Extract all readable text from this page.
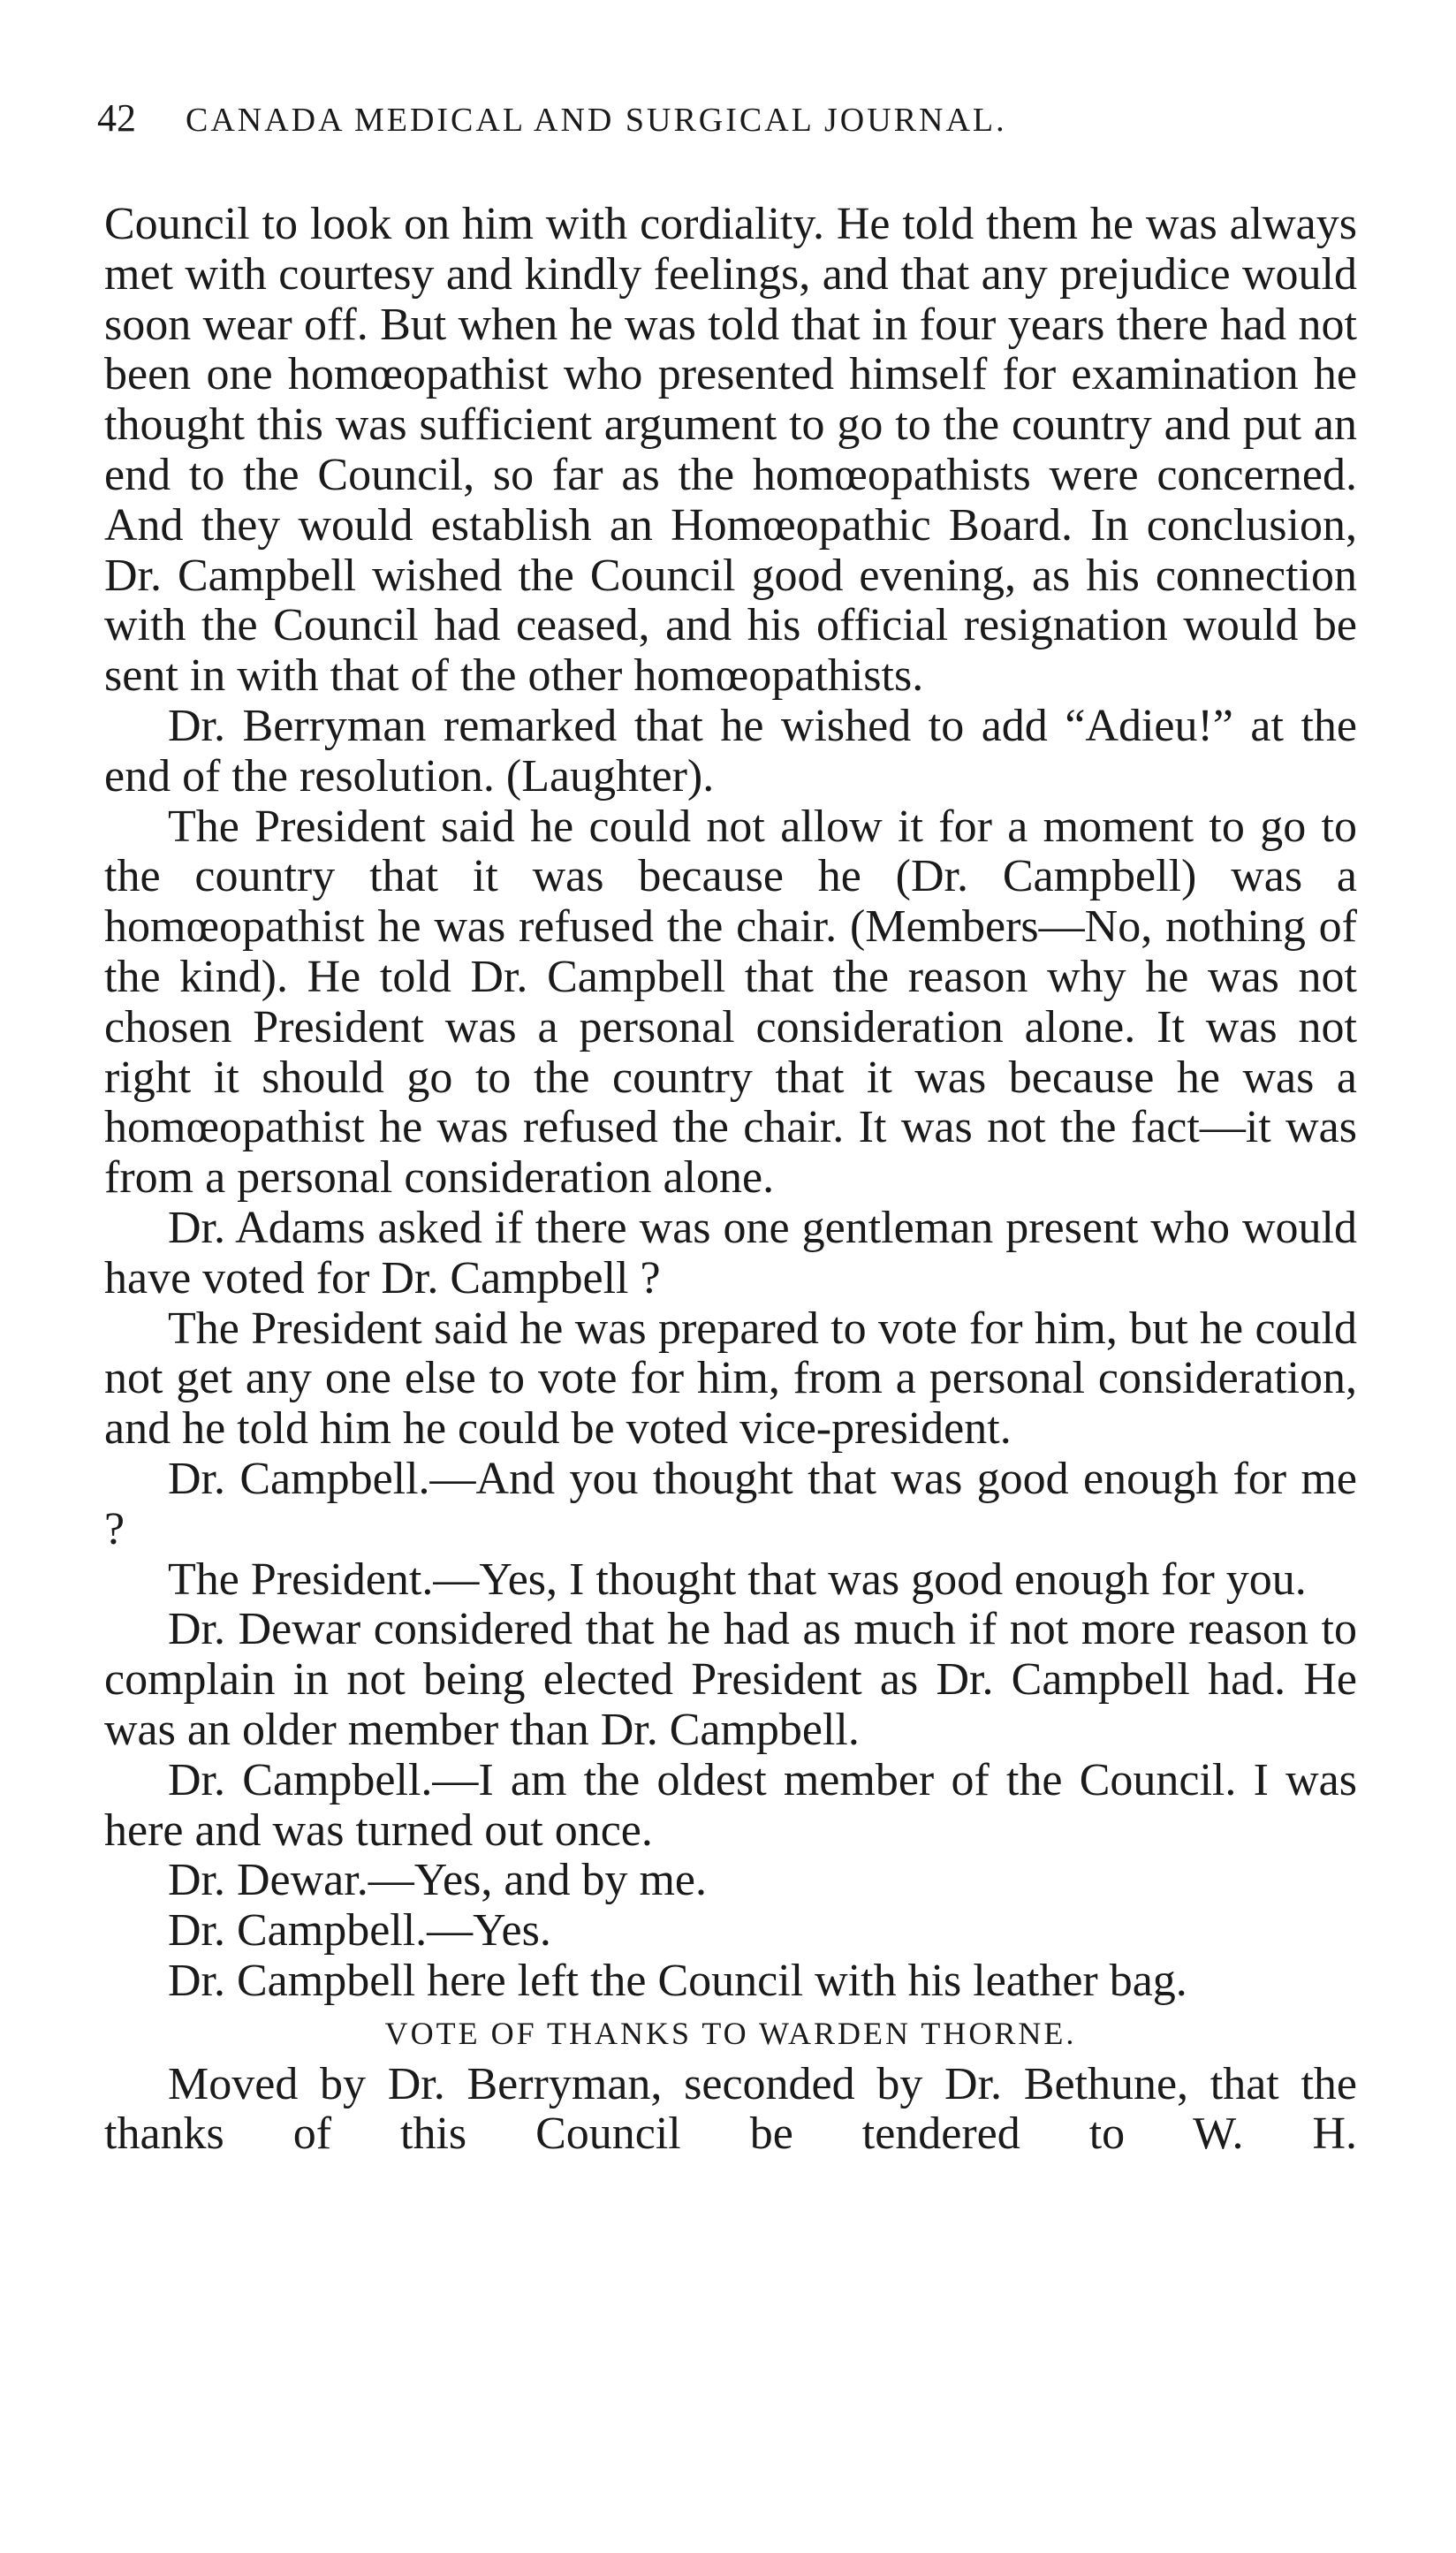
42 CANADA MEDICAL AND SURGICAL JOURNAL.

Council to look on him with cordiality. He told them he was always met with courtesy and kindly feelings, and that any prejudice would soon wear off. But when he was told that in four years there had not been one homœopathist who presented himself for examination he thought this was sufficient argument to go to the country and put an end to the Council, so far as the homœopathists were concerned. And they would establish an Homœopathic Board. In conclusion, Dr. Campbell wished the Council good evening, as his connection with the Council had ceased, and his official resignation would be sent in with that of the other homœopathists.

Dr. Berryman remarked that he wished to add “Adieu!” at the end of the resolution. (Laughter).

The President said he could not allow it for a moment to go to the country that it was because he (Dr. Campbell) was a homœopathist he was refused the chair. (Members—No, nothing of the kind). He told Dr. Campbell that the reason why he was not chosen President was a personal consideration alone. It was not right it should go to the country that it was because he was a homœopathist he was refused the chair. It was not the fact—it was from a personal consideration alone.

Dr. Adams asked if there was one gentleman present who would have voted for Dr. Campbell ?

The President said he was prepared to vote for him, but he could not get any one else to vote for him, from a personal consideration, and he told him he could be voted vice-president.

Dr. Campbell.—And you thought that was good enough for me ?

The President.—Yes, I thought that was good enough for you.

Dr. Dewar considered that he had as much if not more reason to complain in not being elected President as Dr. Campbell had. He was an older member than Dr. Campbell.

Dr. Campbell.—I am the oldest member of the Council. I was here and was turned out once.

Dr. Dewar.—Yes, and by me.

Dr. Campbell.—Yes.

Dr. Campbell here left the Council with his leather bag.

VOTE OF THANKS TO WARDEN THORNE.

Moved by Dr. Berryman, seconded by Dr. Bethune, that the thanks of this Council be tendered to W. H.
